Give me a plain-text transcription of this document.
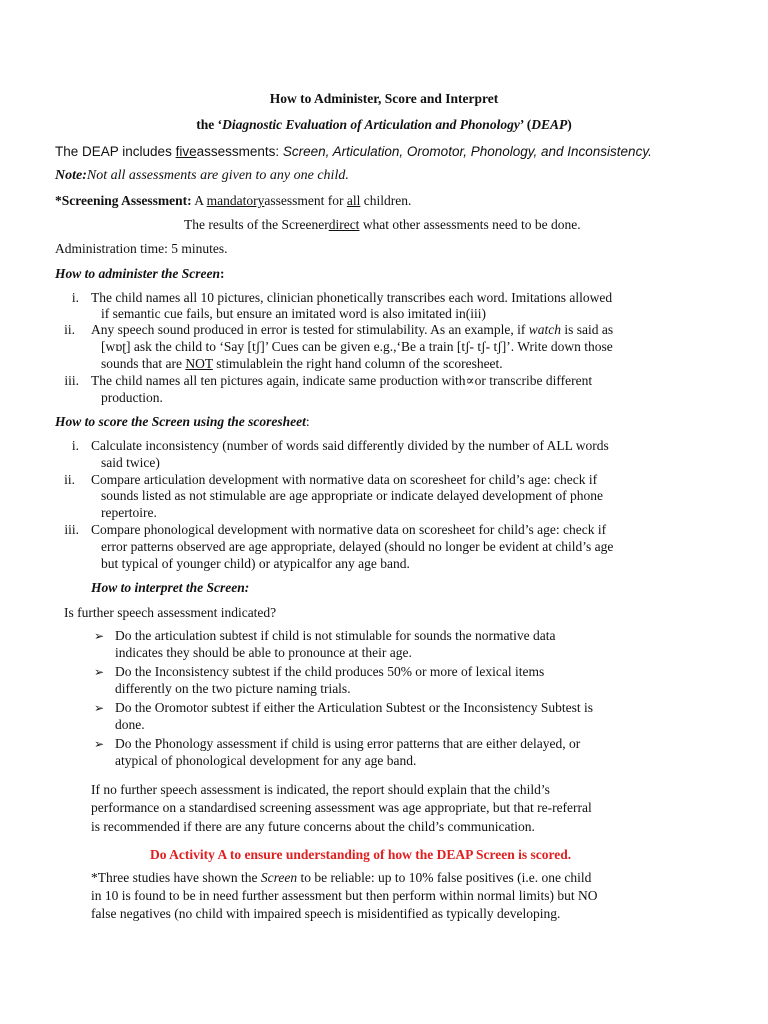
How to Administer, Score and Interpret
the ‘Diagnostic Evaluation of Articulation and Phonology’ (DEAP)
The DEAP includes fiveassessments: Screen, Articulation, Oromotor, Phonology, and Inconsistency.
Note:Not all assessments are given to any one child.
*Screening Assessment: A mandatoryassessment for all children.
The results of the Screenerdirect what other assessments need to be done.
Administration time: 5 minutes.
How to administer the Screen:
i. The child names all 10 pictures, clinician phonetically transcribes each word. Imitations allowed
if semantic cue fails, but ensure an imitated word is also imitated in(iii)
ii. Any speech sound produced in error is tested for stimulability. As an example, if watch is said as
[wɒʈ] ask the child to ‘Say [tʃ]’ Cues can be given e.g.,‘Be a train [tʃ- tʃ- tʃ]’. Write down those
sounds that are NOT stimulablein the right hand column of the scoresheet.
iii. The child names all ten pictures again, indicate same production with∝or transcribe different
production.
How to score the Screen using the scoresheet:
i. Calculate inconsistency (number of words said differently divided by the number of ALL words
said twice)
ii. Compare articulation development with normative data on scoresheet for child’s age: check if
sounds listed as not stimulable are age appropriate or indicate delayed development of phone
repertoire.
iii. Compare phonological development with normative data on scoresheet for child’s age: check if
error patterns observed are age appropriate, delayed (should no longer be evident at child’s age
but typical of younger child) or atypicalfor any age band.
How to interpret the Screen:
Is further speech assessment indicated?
➢ Do the articulation subtest if child is not stimulable for sounds the normative data
indicates they should be able to pronounce at their age.
➢ Do the Inconsistency subtest if the child produces 50% or more of lexical items
differently on the two picture naming trials.
➢ Do the Oromotor subtest if either the Articulation Subtest or the Inconsistency Subtest is
done.
➢ Do the Phonology assessment if child is using error patterns that are either delayed, or
atypical of phonological development for any age band.
If no further speech assessment is indicated, the report should explain that the child’s
performance on a standardised screening assessment was age appropriate, but that re-referral
is recommended if there are any future concerns about the child’s communication.
Do Activity A to ensure understanding of how the DEAP Screen is scored.
*Three studies have shown the Screen to be reliable: up to 10% false positives (i.e. one child
in 10 is found to be in need further assessment but then perform within normal limits) but NO
false negatives (no child with impaired speech is misidentified as typically developing.
